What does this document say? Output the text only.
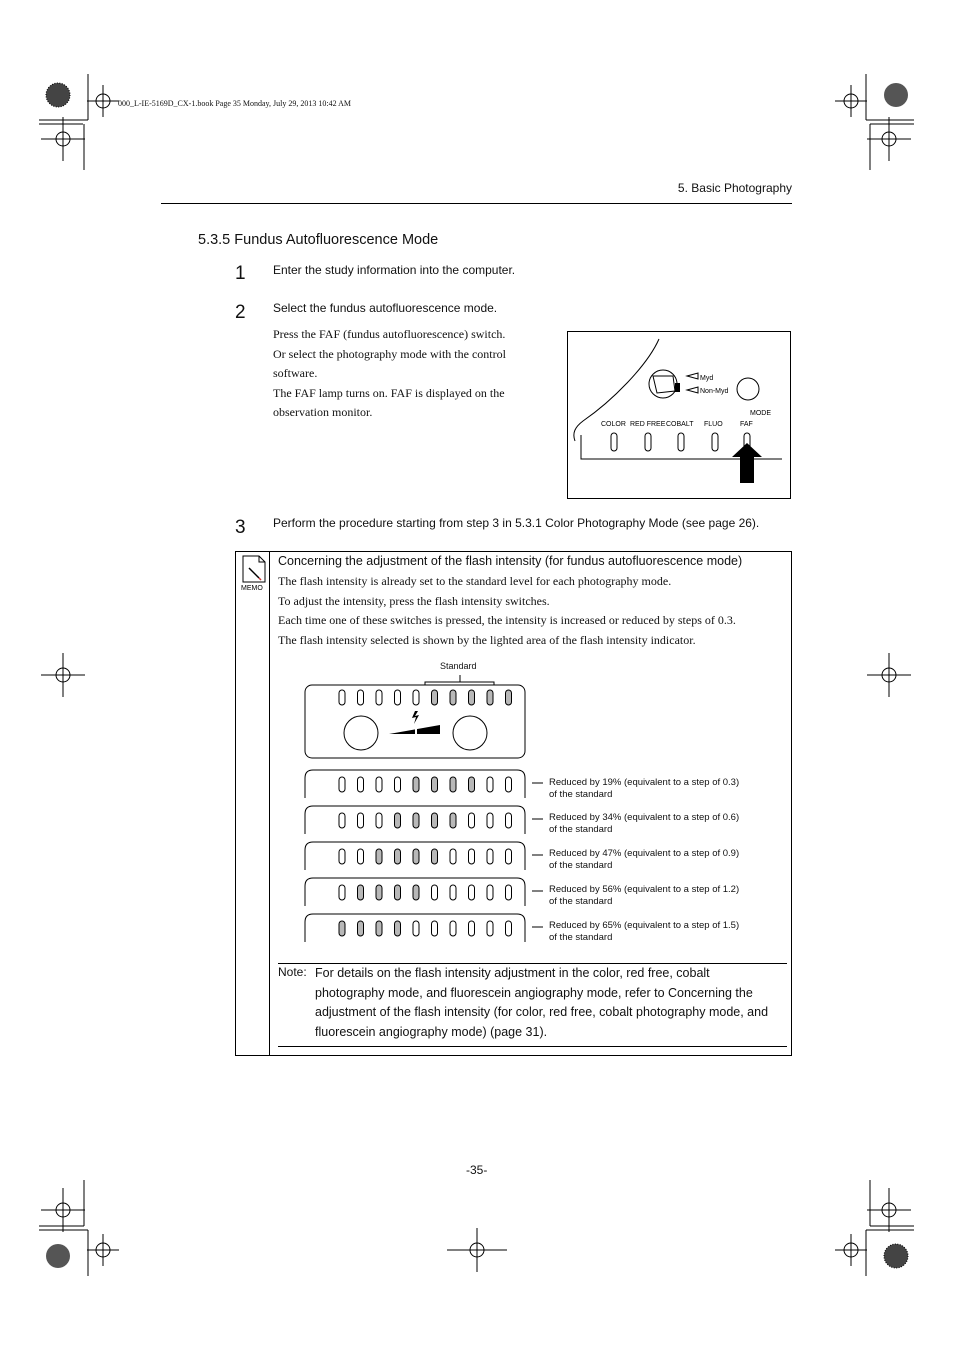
000_L-IE-5169D_CX-1.book Page 35 Monday, July 29, 2013 10:42 AM
5. Basic Photography
5.3.5 Fundus Autofluorescence Mode
1 Enter the study information into the computer.
2 Select the fundus autofluorescence mode.
Press the FAF (fundus autofluorescence) switch.
Or select the photography mode with the control
software.
The FAF lamp turns on. FAF is displayed on the
observation monitor.
Myd
Non-Myd
MODE
COLOR RED FREE COBALT FLUO FAF
3 Perform the procedure starting from step 3 in 5.3.1 Color Photography Mode (see page 26).
MEMO
Concerning the adjustment of the flash intensity (for fundus autofluorescence mode)
The flash intensity is already set to the standard level for each photography mode.
To adjust the intensity, press the flash intensity switches.
Each time one of these switches is pressed, the intensity is increased or reduced by steps of 0.3.
The flash intensity selected is shown by the lighted area of the flash intensity indicator.
Standard
Reduced by 19% (equivalent to a step of 0.3)
of the standard
Reduced by 34% (equivalent to a step of 0.6)
of the standard
Reduced by 47% (equivalent to a step of 0.9)
of the standard
Reduced by 56% (equivalent to a step of 1.2)
of the standard
Reduced by 65% (equivalent to a step of 1.5)
of the standard
Note: For details on the flash intensity adjustment in the color, red free, cobalt
photography mode, and fluorescein angiography mode, refer to Concerning the
adjustment of the flash intensity (for color, red free, cobalt photography mode, and
fluorescein angiography mode) (page 31).
-35-
